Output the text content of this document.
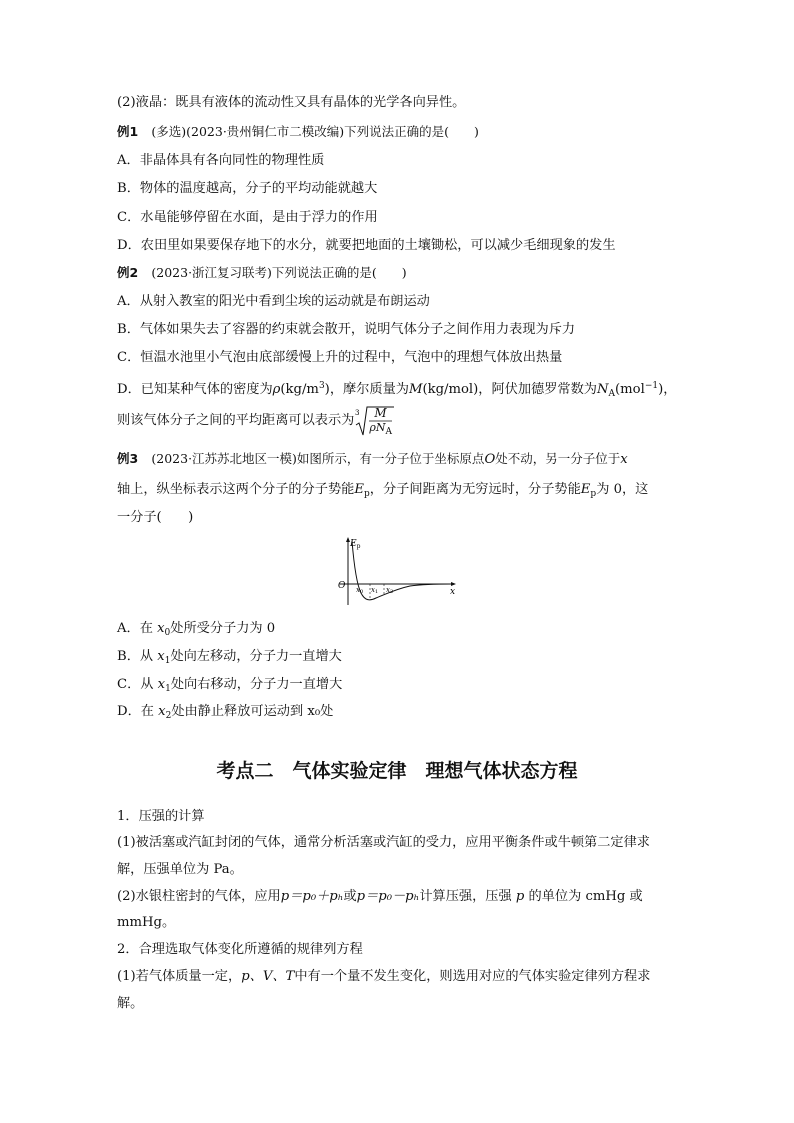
(2)液晶：既具有液体的流动性又具有晶体的光学各向异性。
例1　 (多选)(2023·贵州铜仁市二模改编)下列说法正确的是(　　)
A．非晶体具有各向同性的物理性质
B．物体的温度越高，分子的平均动能就越大
C．水黾能够停留在水面，是由于浮力的作用
D．农田里如果要保存地下的水分，就要把地面的土壤锄松，可以减少毛细现象的发生
例2　 (2023·浙江复习联考)下列说法正确的是(　　)
A．从射入教室的阳光中看到尘埃的运动就是布朗运动
B．气体如果失去了容器的约束就会散开，说明气体分子之间作用力表现为斥力
C．恒温水池里小气泡由底部缓慢上升的过程中，气泡中的理想气体放出热量
D．已知某种气体的密度为$\rho(kg/m^3)$，摩尔质量为M(kg/mol)，阿伏加德罗常数为$N_A(mol^{-1})$，
则该气体分子之间的平均距离可以表示为
3 M
$\rho N_A$
例3　 (2023·江苏苏北地区一模)如图所示，有一分子位于坐标原点O处不动，另一分子位于x
轴上，纵坐标表示这两个分子的分子势能$E_p$，分子间距离为无穷远时，分子势能$E_p$为 0，这
一分子(　　)
$E_p$
O
x
x0 x1 x2
A．在 $x_0$处所受分子力为 0
B．从 $x_1$处向左移动，分子力一直增大
C．从 $x_1$处向右移动，分子力一直增大
D．在 $x_2$处由静止释放可运动到 x₀处
考点二　气体实验定律　理想气体状态方程
1．压强的计算
(1)被活塞或汽缸封闭的气体，通常分析活塞或汽缸的受力，应用平衡条件或牛顿第二定律求
解，压强单位为 Pa。
(2)水银柱密封的气体，应用p＝p₀＋pₕ或p＝p₀－pₕ计算压强，压强 p 的单位为 cmHg 或
mmHg。
2．合理选取气体变化所遵循的规律列方程
(1)若气体质量一定，p、V、T中有一个量不发生变化，则选用对应的气体实验定律列方程求
解。
